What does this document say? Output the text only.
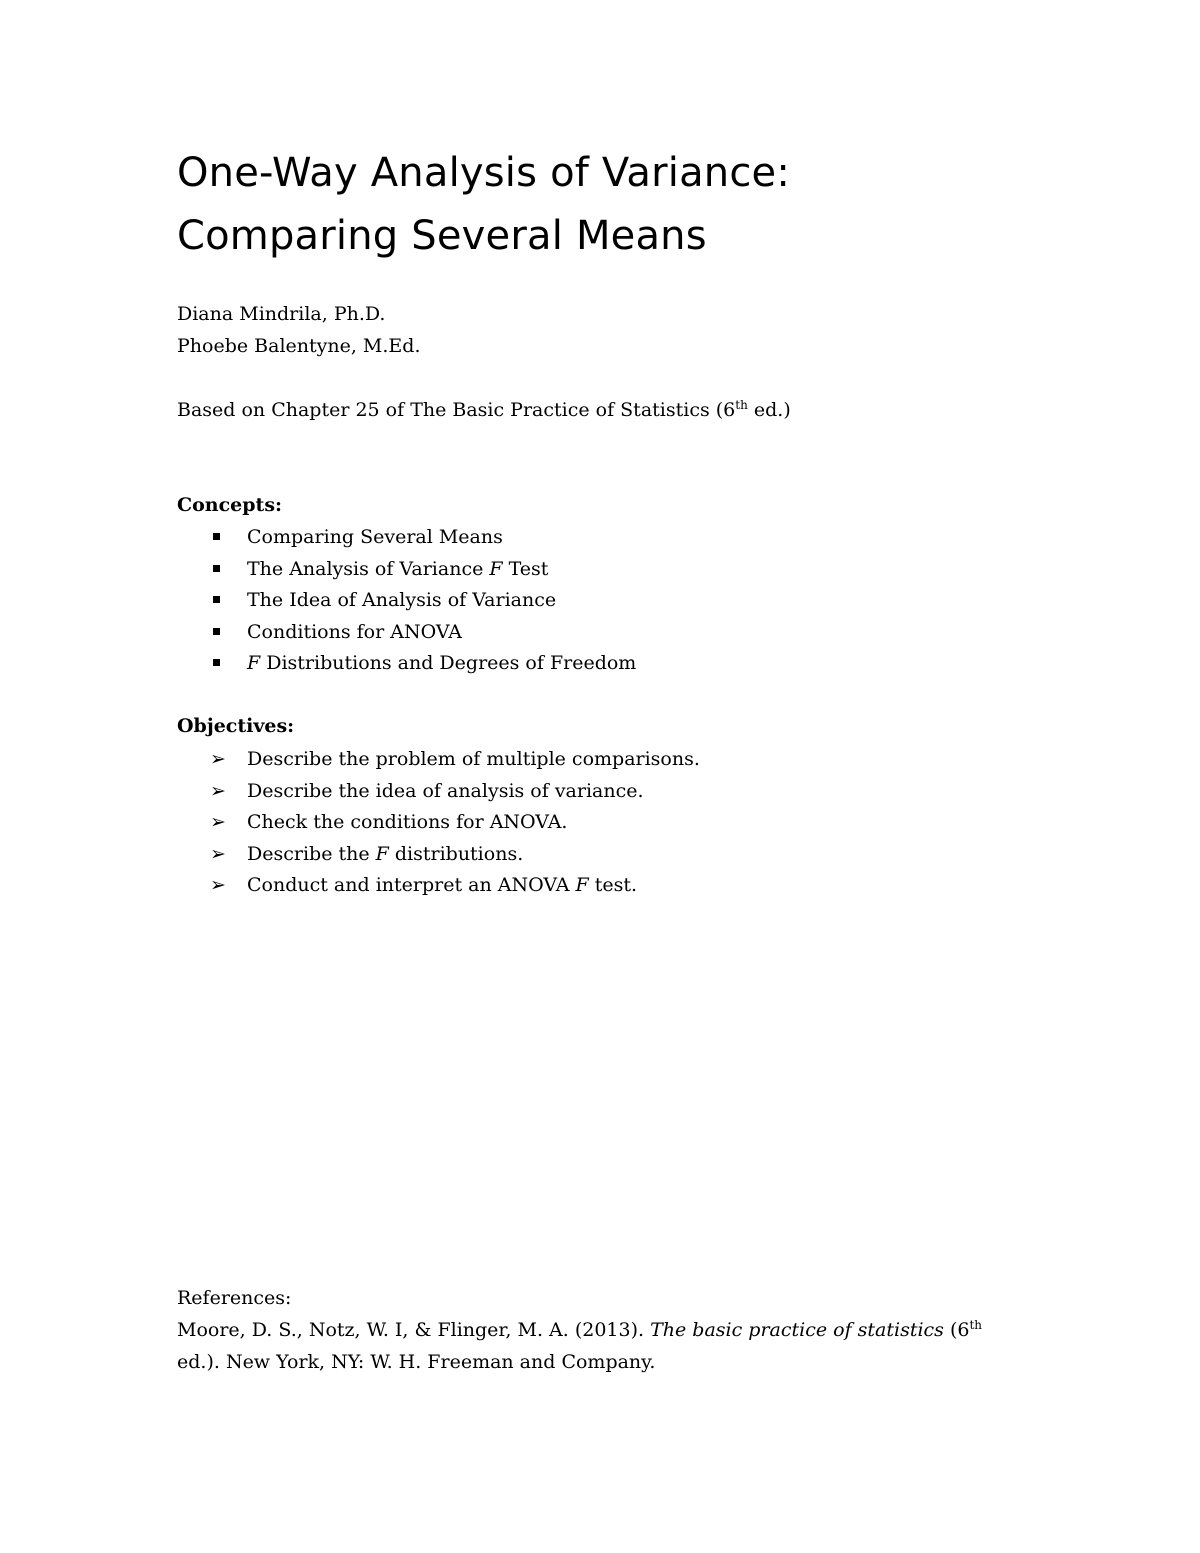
One-Way Analysis of Variance:
Comparing Several Means
Diana Mindrila, Ph.D.
Phoebe Balentyne, M.Ed.
Based on Chapter 25 of The Basic Practice of Statistics (6th ed.)
Concepts:
Comparing Several Means
The Analysis of Variance F Test
The Idea of Analysis of Variance
Conditions for ANOVA
F Distributions and Degrees of Freedom
Objectives:
➢ Describe the problem of multiple comparisons.
➢ Describe the idea of analysis of variance.
➢ Check the conditions for ANOVA.
➢ Describe the F distributions.
➢ Conduct and interpret an ANOVA F test.
References:
Moore, D. S., Notz, W. I, & Flinger, M. A. (2013). The basic practice of statistics (6th
ed.). New York, NY: W. H. Freeman and Company.
